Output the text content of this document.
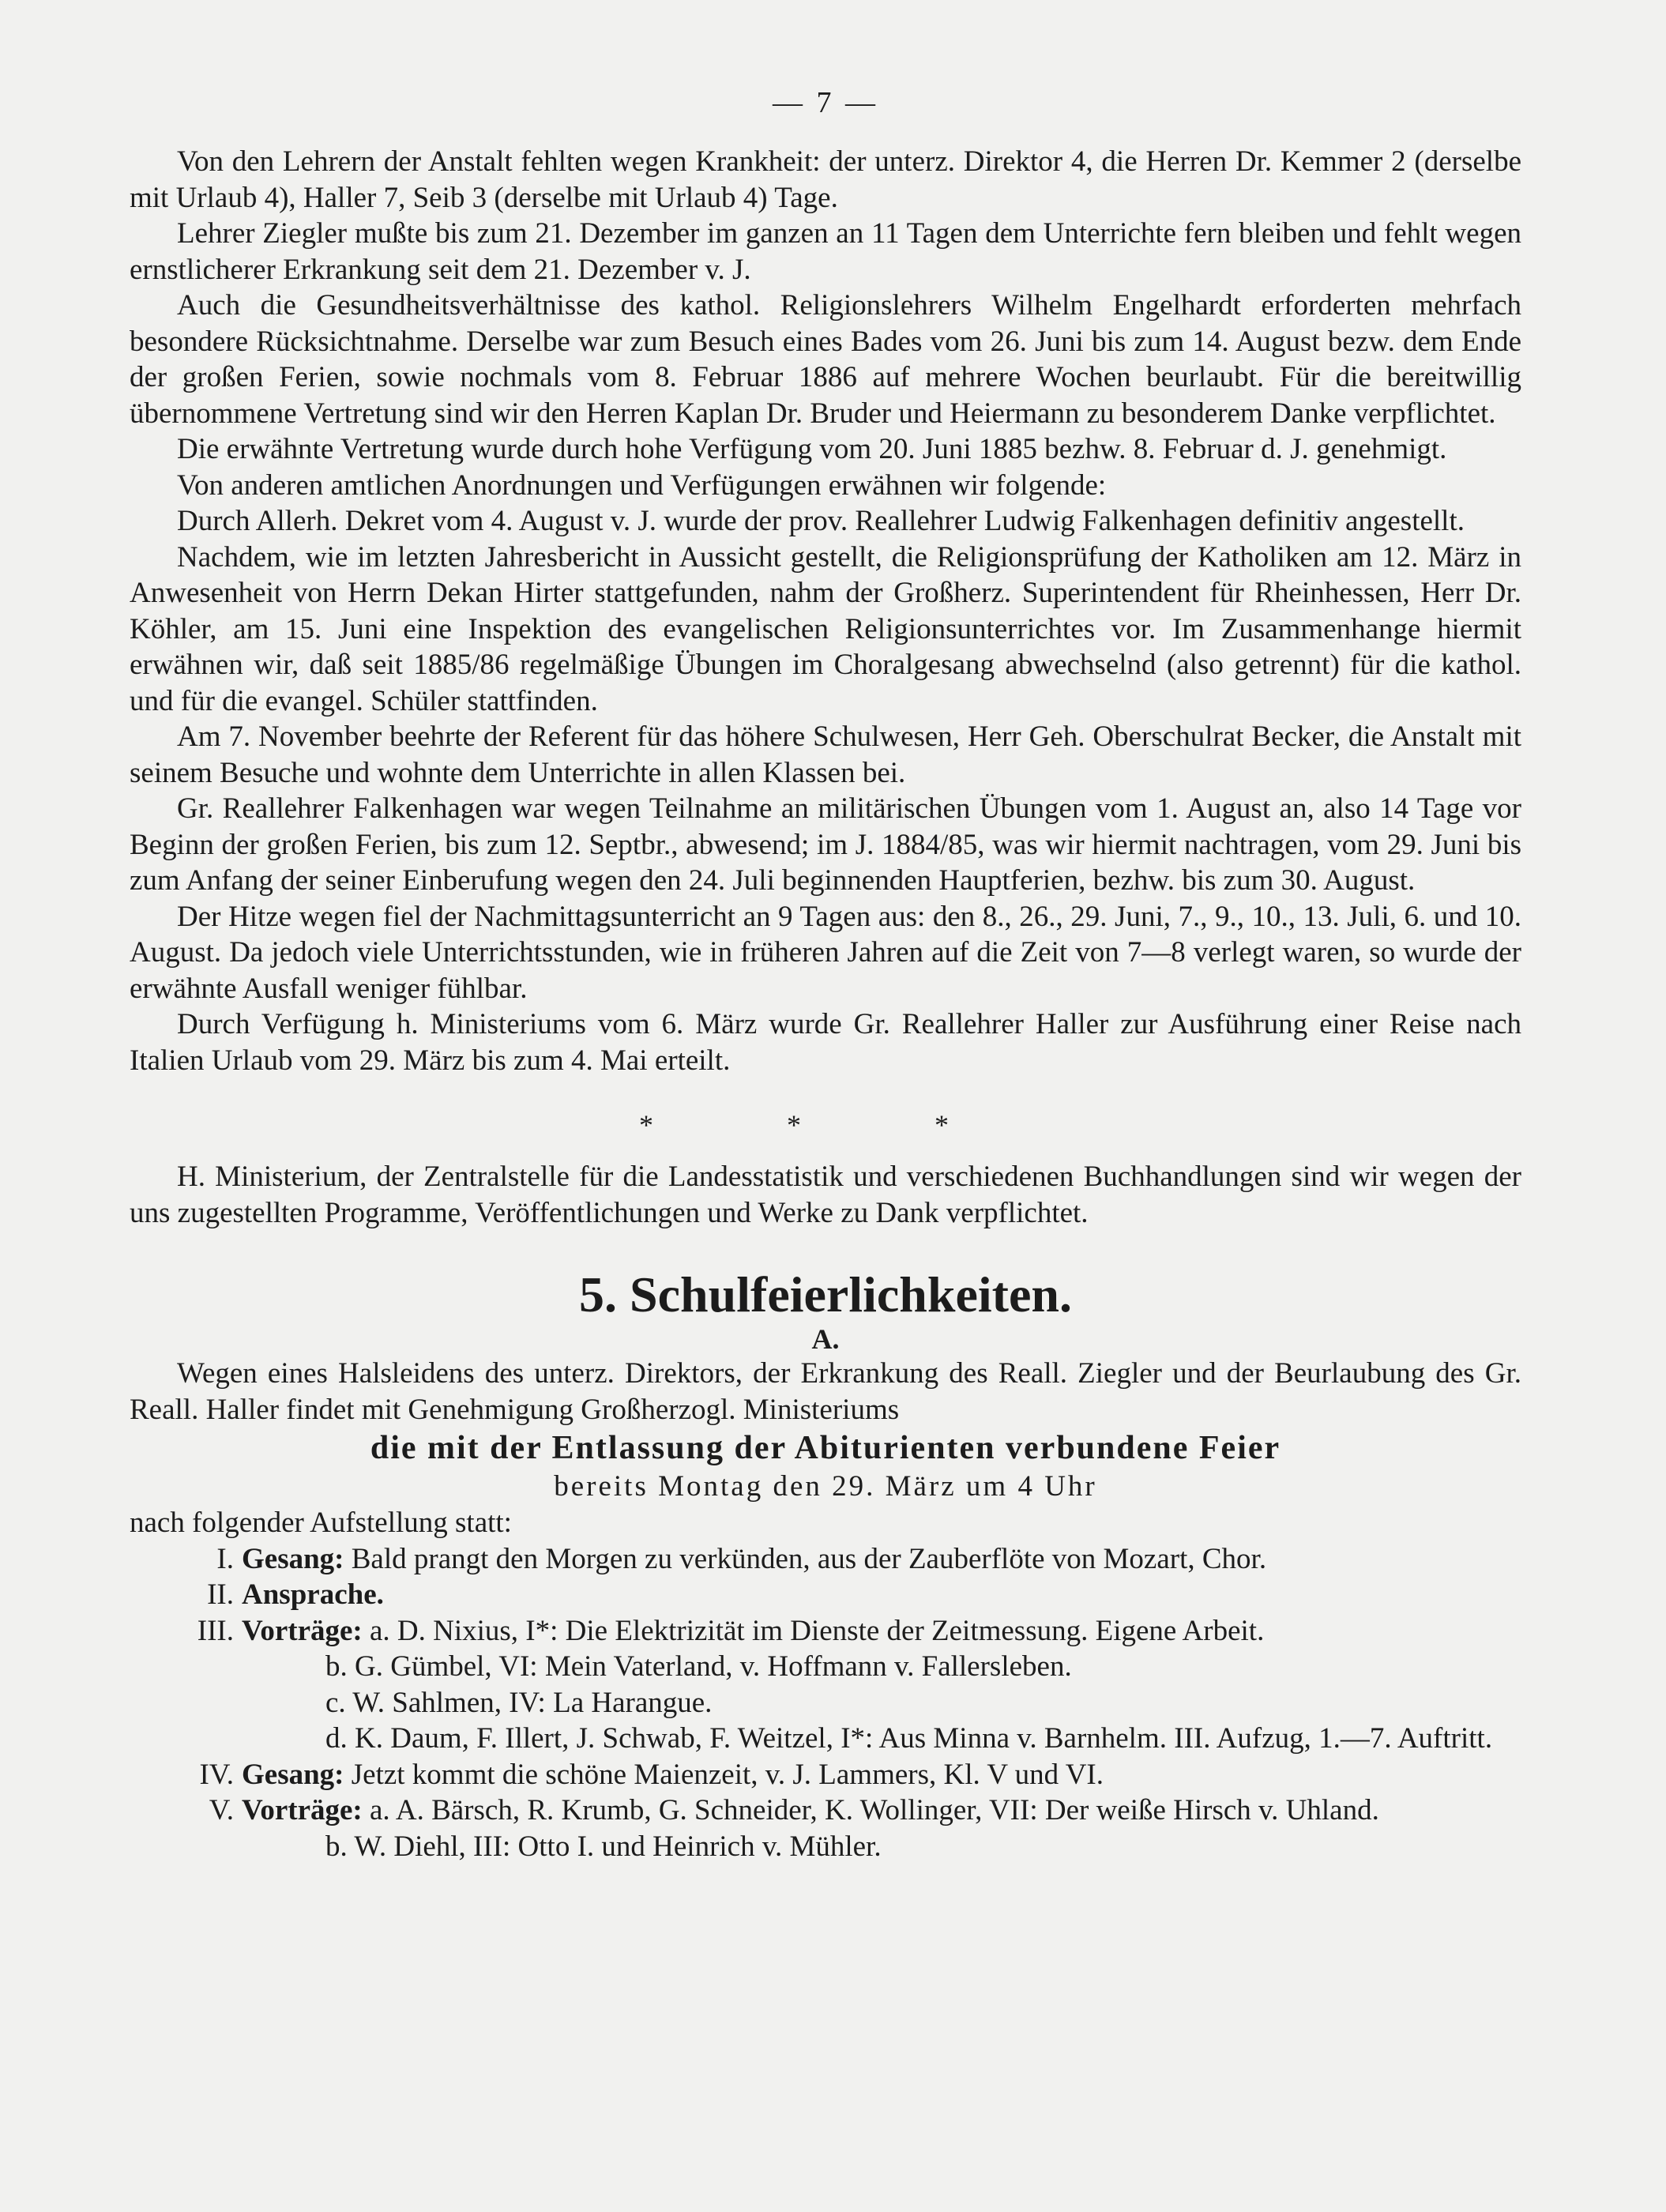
— 7 —

Von den Lehrern der Anstalt fehlten wegen Krankheit: der unterz. Direktor 4, die Herren Dr. Kemmer 2 (derselbe mit Urlaub 4), Haller 7, Seib 3 (derselbe mit Urlaub 4) Tage.

Lehrer Ziegler mußte bis zum 21. Dezember im ganzen an 11 Tagen dem Unterrichte fern bleiben und fehlt wegen ernstlicherer Erkrankung seit dem 21. Dezember v. J.

Auch die Gesundheitsverhältnisse des kathol. Religionslehrers Wilhelm Engelhardt erforderten mehrfach besondere Rücksichtnahme. Derselbe war zum Besuch eines Bades vom 26. Juni bis zum 14. August bezw. dem Ende der großen Ferien, sowie nochmals vom 8. Februar 1886 auf mehrere Wochen beurlaubt. Für die bereitwillig übernommene Vertretung sind wir den Herren Kaplan Dr. Bruder und Heiermann zu besonderem Danke verpflichtet.

Die erwähnte Vertretung wurde durch hohe Verfügung vom 20. Juni 1885 bezhw. 8. Februar d. J. genehmigt.

Von anderen amtlichen Anordnungen und Verfügungen erwähnen wir folgende:

Durch Allerh. Dekret vom 4. August v. J. wurde der prov. Reallehrer Ludwig Falkenhagen definitiv angestellt.

Nachdem, wie im letzten Jahresbericht in Aussicht gestellt, die Religionsprüfung der Katholiken am 12. März in Anwesenheit von Herrn Dekan Hirter stattgefunden, nahm der Großherz. Superintendent für Rheinhessen, Herr Dr. Köhler, am 15. Juni eine Inspektion des evangelischen Religionsunterrichtes vor. Im Zusammenhange hiermit erwähnen wir, daß seit 1885/86 regelmäßige Übungen im Choralgesang abwechselnd (also getrennt) für die kathol. und für die evangel. Schüler stattfinden.

Am 7. November beehrte der Referent für das höhere Schulwesen, Herr Geh. Oberschulrat Becker, die Anstalt mit seinem Besuche und wohnte dem Unterrichte in allen Klassen bei.

Gr. Reallehrer Falkenhagen war wegen Teilnahme an militärischen Übungen vom 1. August an, also 14 Tage vor Beginn der großen Ferien, bis zum 12. Septbr., abwesend; im J. 1884/85, was wir hiermit nachtragen, vom 29. Juni bis zum Anfang der seiner Einberufung wegen den 24. Juli beginnenden Hauptferien, bezhw. bis zum 30. August.

Der Hitze wegen fiel der Nachmittagsunterricht an 9 Tagen aus: den 8., 26., 29. Juni, 7., 9., 10., 13. Juli, 6. und 10. August. Da jedoch viele Unterrichtsstunden, wie in früheren Jahren auf die Zeit von 7—8 verlegt waren, so wurde der erwähnte Ausfall weniger fühlbar.

Durch Verfügung h. Ministeriums vom 6. März wurde Gr. Reallehrer Haller zur Ausführung einer Reise nach Italien Urlaub vom 29. März bis zum 4. Mai erteilt.

* * *

H. Ministerium, der Zentralstelle für die Landesstatistik und verschiedenen Buchhandlungen sind wir wegen der uns zugestellten Programme, Veröffentlichungen und Werke zu Dank verpflichtet.

5. Schulfeierlichkeiten.
A.

Wegen eines Halsleidens des unterz. Direktors, der Erkrankung des Reall. Ziegler und der Beurlaubung des Gr. Reall. Haller findet mit Genehmigung Großherzogl. Ministeriums

die mit der Entlassung der Abiturienten verbundene Feier
bereits Montag den 29. März um 4 Uhr

nach folgender Aufstellung statt:

I. Gesang: Bald prangt den Morgen zu verkünden, aus der Zauberflöte von Mozart, Chor.
II. Ansprache.
III. Vorträge: a. D. Nixius, I*: Die Elektrizität im Dienste der Zeitmessung. Eigene Arbeit.
b. G. Gümbel, VI: Mein Vaterland, v. Hoffmann v. Fallersleben.
c. W. Sahlmen, IV: La Harangue.
d. K. Daum, F. Illert, J. Schwab, F. Weitzel, I*: Aus Minna v. Barnhelm. III. Aufzug, 1.—7. Auftritt.
IV. Gesang: Jetzt kommt die schöne Maienzeit, v. J. Lammers, Kl. V und VI.
V. Vorträge: a. A. Bärsch, R. Krumb, G. Schneider, K. Wollinger, VII: Der weiße Hirsch v. Uhland.
b. W. Diehl, III: Otto I. und Heinrich v. Mühler.
